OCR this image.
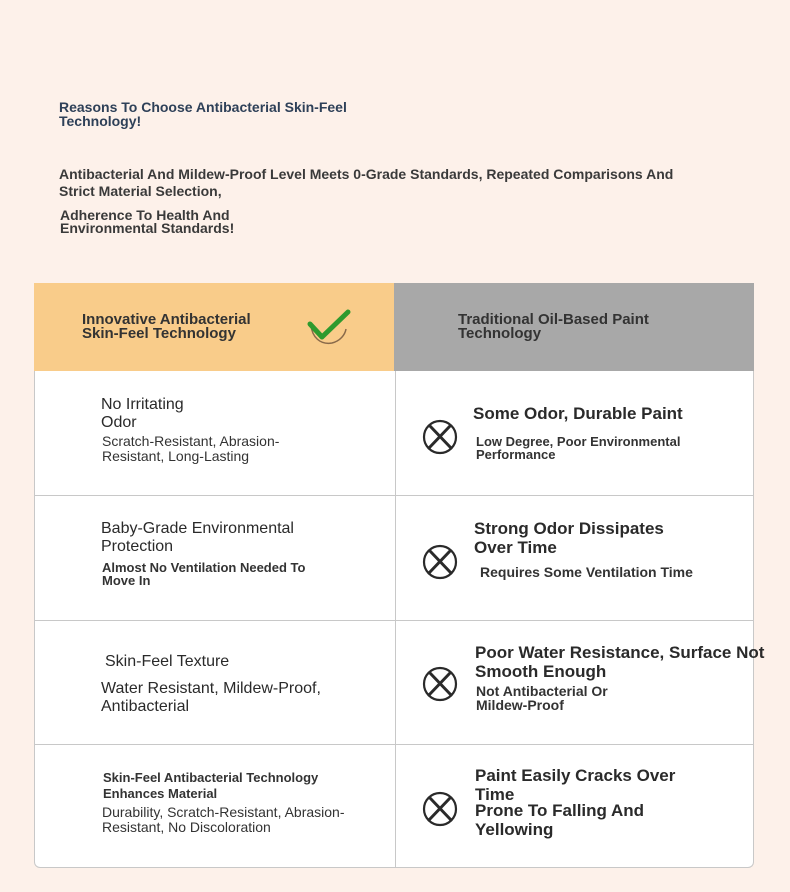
Reasons To Choose Antibacterial Skin-Feel Technology!
Antibacterial And Mildew-Proof Level Meets 0-Grade Standards, Repeated Comparisons And Strict Material Selection,
Adherence To Health And Environmental Standards!
Innovative Antibacterial Skin-Feel Technology
Traditional Oil-Based Paint Technology
No Irritating Odor
Scratch-Resistant, Abrasion-Resistant, Long-Lasting
Some Odor, Durable Paint
Low Degree, Poor Environmental Performance
Baby-Grade Environmental Protection
Almost No Ventilation Needed To Move In
Strong Odor Dissipates Over Time
Requires Some Ventilation Time
Skin-Feel Texture
Water Resistant, Mildew-Proof, Antibacterial
Poor Water Resistance, Surface Not Smooth Enough
Not Antibacterial Or Mildew-Proof
Skin-Feel Antibacterial Technology Enhances Material
Durability, Scratch-Resistant, Abrasion-Resistant, No Discoloration
Paint Easily Cracks Over Time
Prone To Falling And Yellowing
